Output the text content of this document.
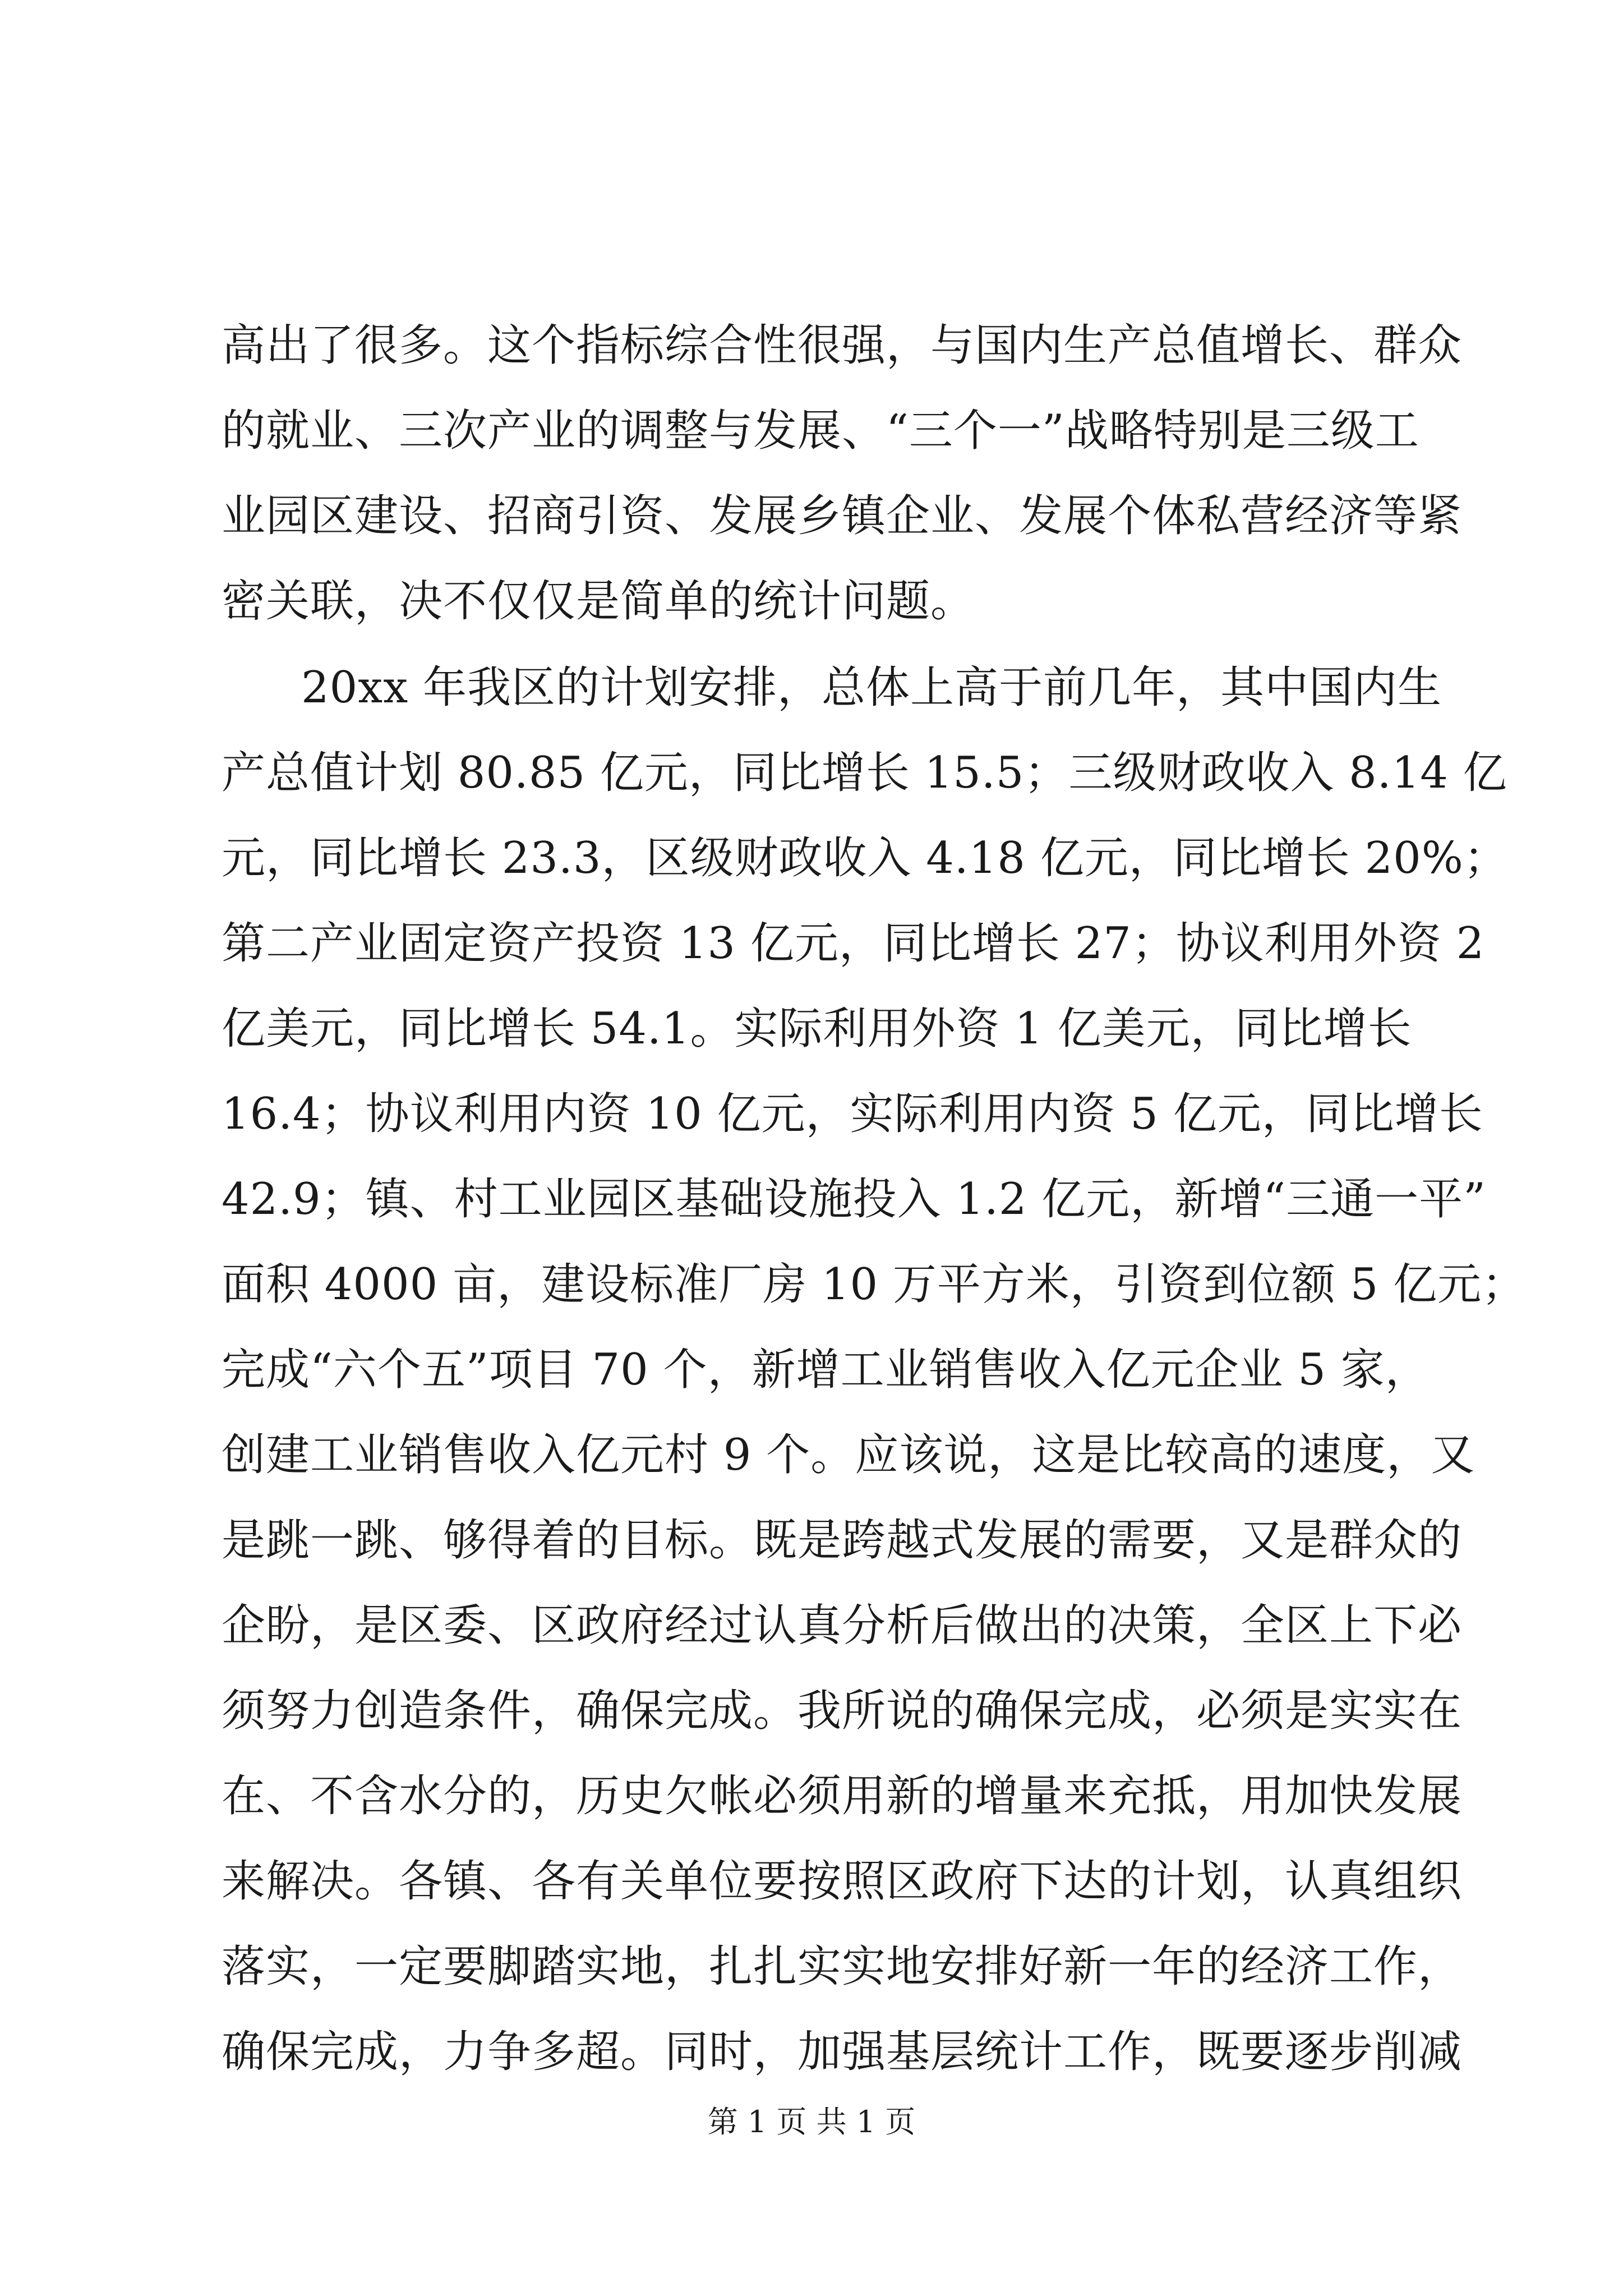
高出了很多。这个指标综合性很强，与国内生产总值增长、群众
的就业、三次产业的调整与发展、“三个一”战略特别是三级工
业园区建设、招商引资、发展乡镇企业、发展个体私营经济等紧
密关联，决不仅仅是简单的统计问题。
20xx 年我区的计划安排，总体上高于前几年，其中国内生
产总值计划 80.85 亿元，同比增长 15.5；三级财政收入 8.14 亿
元，同比增长 23.3，区级财政收入 4.18 亿元，同比增长 20%；
第二产业固定资产投资 13 亿元，同比增长 27；协议利用外资 2
亿美元，同比增长 54.1。实际利用外资 1 亿美元，同比增长
16.4；协议利用内资 10 亿元，实际利用内资 5 亿元，同比增长
42.9；镇、村工业园区基础设施投入 1.2 亿元，新增“三通一平”
面积 4000 亩，建设标准厂房 10 万平方米，引资到位额 5 亿元；
完成“六个五”项目 70 个，新增工业销售收入亿元企业 5 家，
创建工业销售收入亿元村 9 个。应该说，这是比较高的速度，又
是跳一跳、够得着的目标。既是跨越式发展的需要，又是群众的
企盼，是区委、区政府经过认真分析后做出的决策，全区上下必
须努力创造条件，确保完成。我所说的确保完成，必须是实实在
在、不含水分的，历史欠帐必须用新的增量来充抵，用加快发展
来解决。各镇、各有关单位要按照区政府下达的计划，认真组织
落实，一定要脚踏实地，扎扎实实地安排好新一年的经济工作，
确保完成，力争多超。同时，加强基层统计工作，既要逐步削减
第 1 页 共 1 页
